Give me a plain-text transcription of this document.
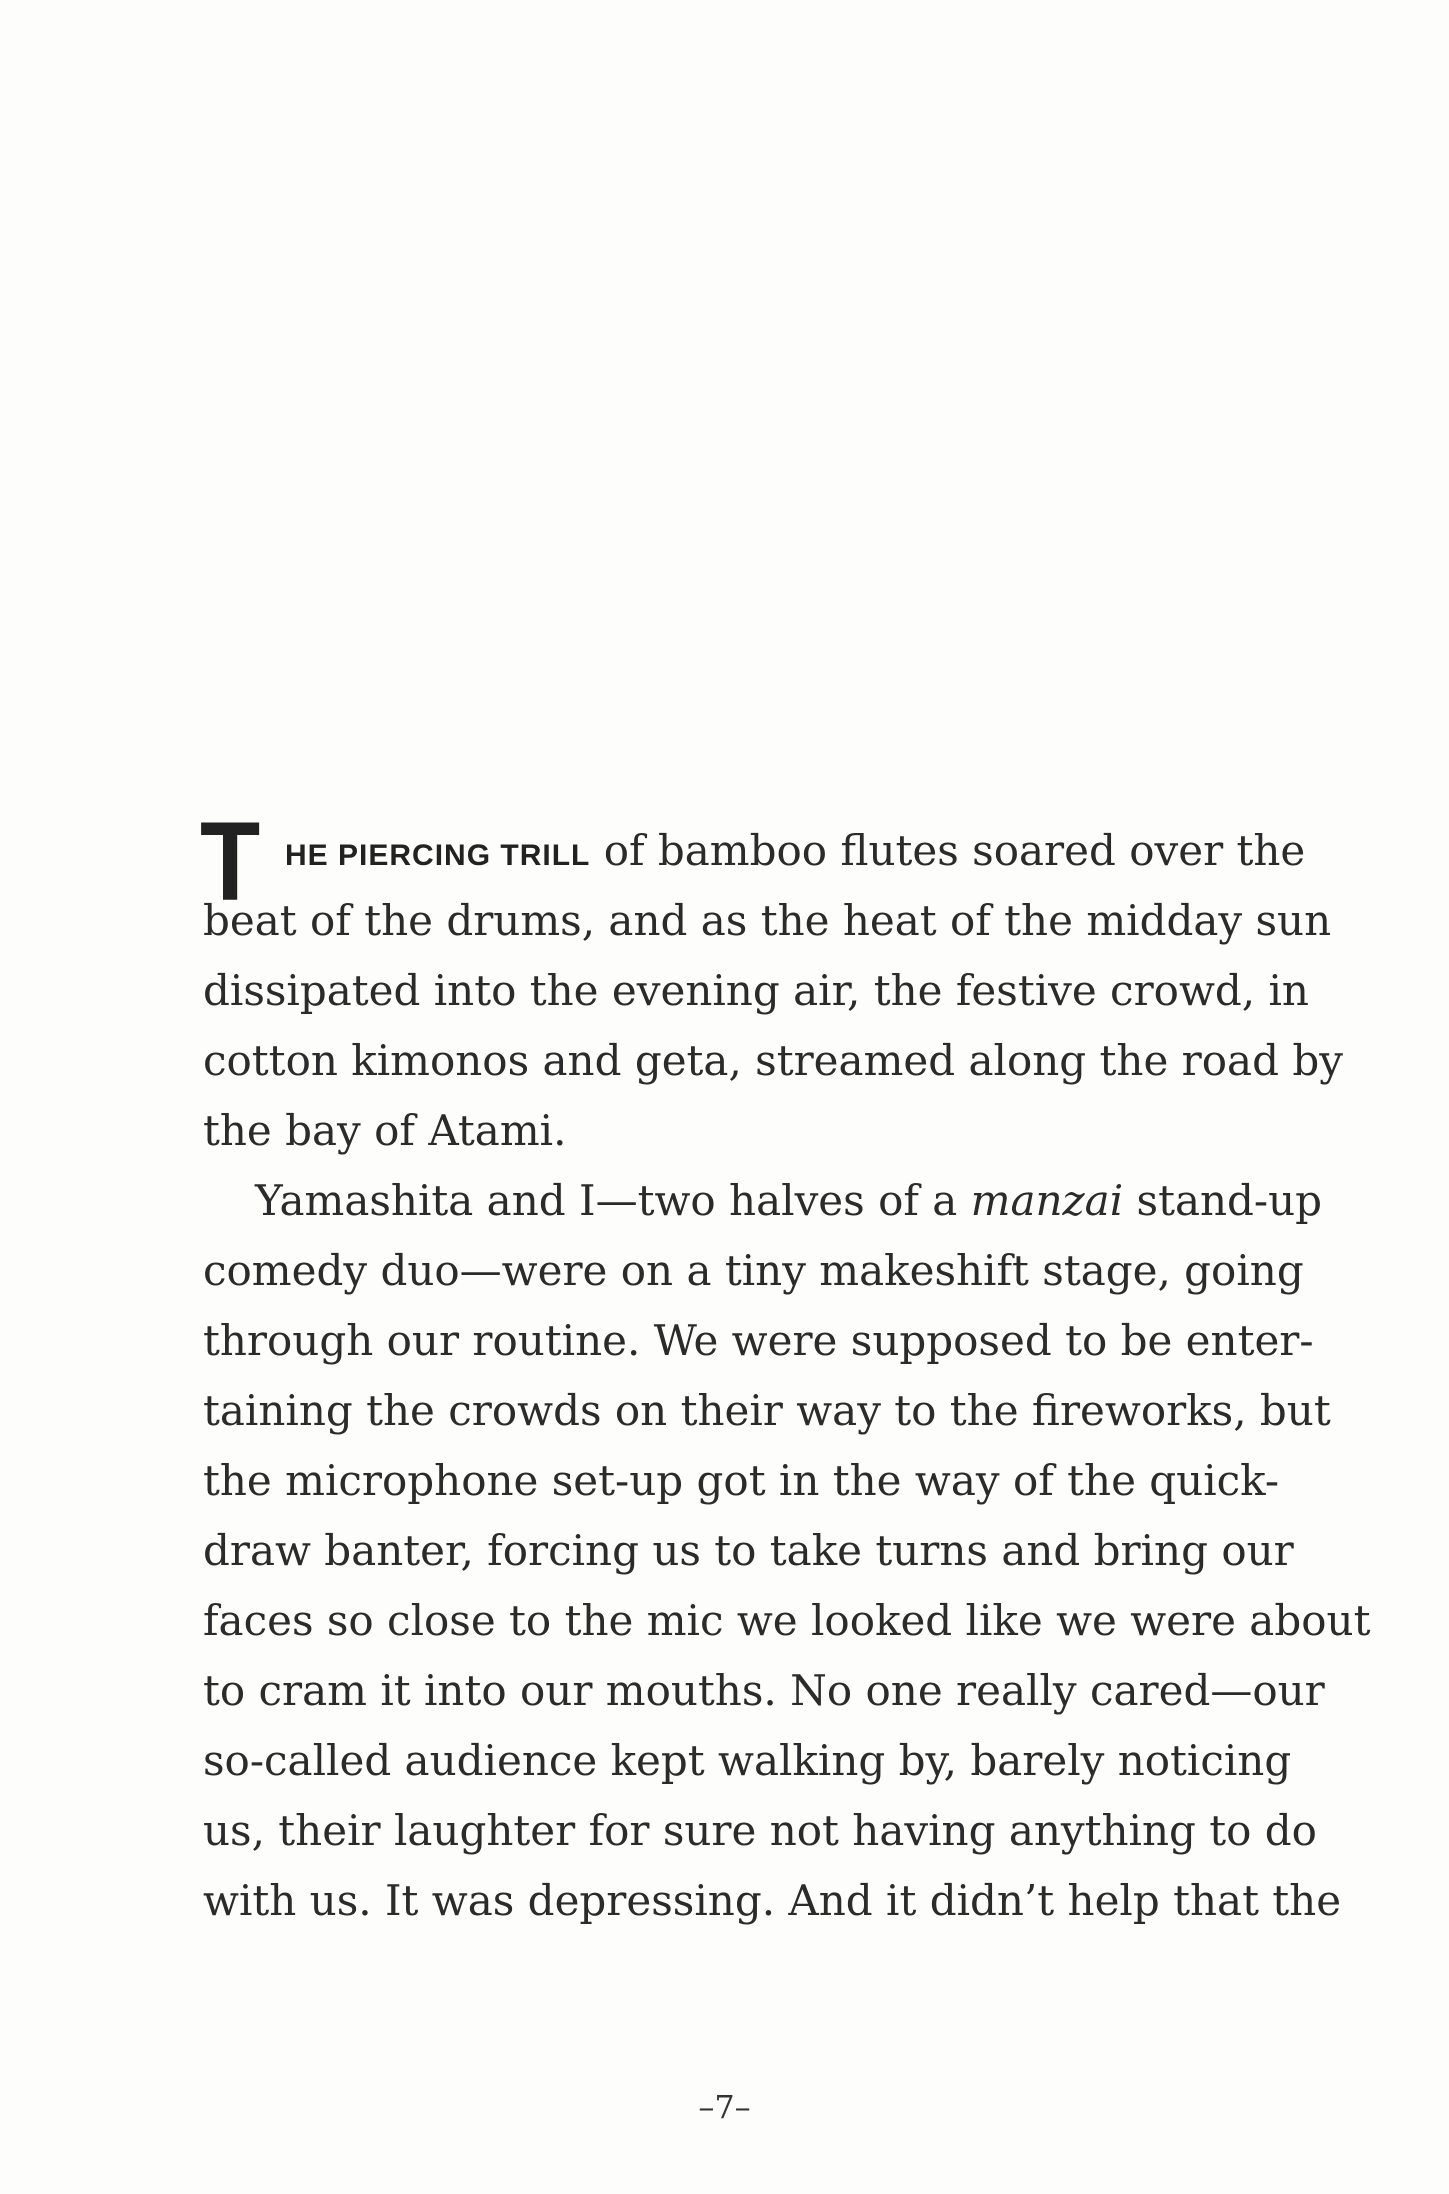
T HE PIERCING TRILL of bamboo flutes soared over the
beat of the drums, and as the heat of the midday sun
dissipated into the evening air, the festive crowd, in
cotton kimonos and geta, streamed along the road by
the bay of Atami.
Yamashita and I—two halves of a manzai stand-up
comedy duo—were on a tiny makeshift stage, going
through our routine. We were supposed to be enter-
taining the crowds on their way to the fireworks, but
the microphone set-up got in the way of the quick-
draw banter, forcing us to take turns and bring our
faces so close to the mic we looked like we were about
to cram it into our mouths. No one really cared—our
so-called audience kept walking by, barely noticing
us, their laughter for sure not having anything to do
with us. It was depressing. And it didn’t help that the
–7–
